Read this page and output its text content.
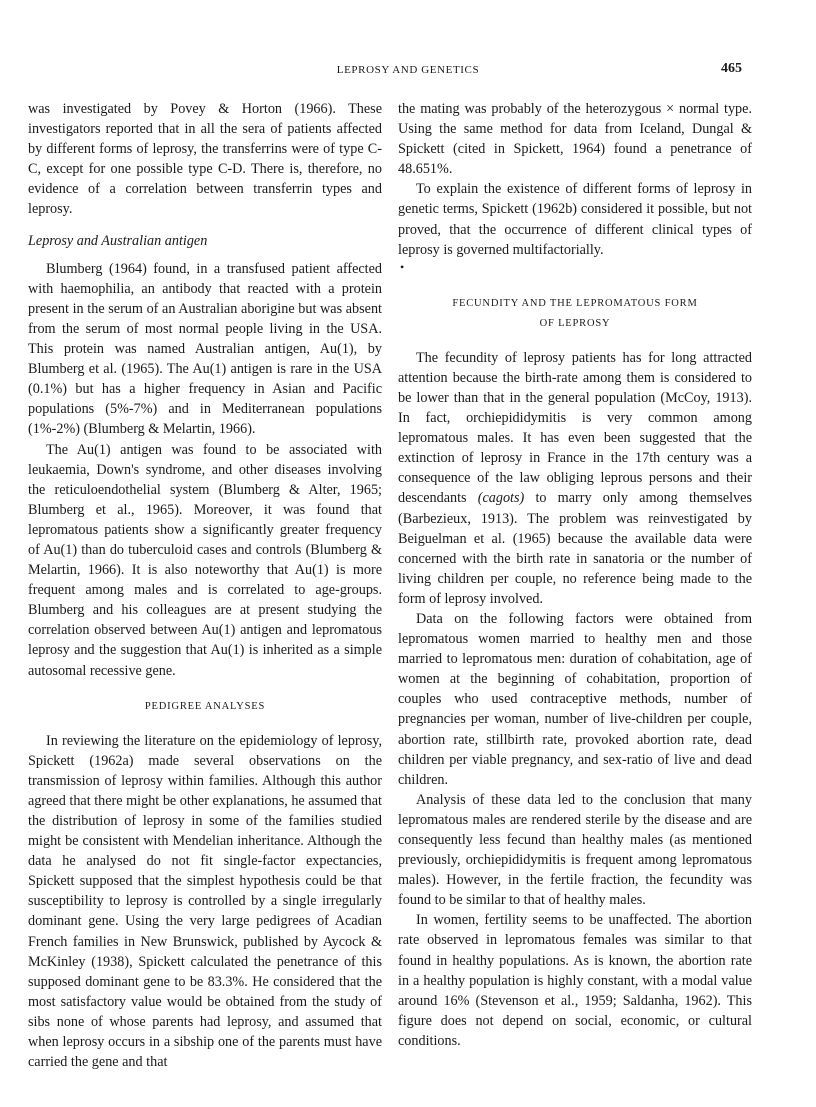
LEPROSY AND GENETICS	465

was investigated by Povey & Horton (1966). These investigators reported that in all the sera of patients affected by different forms of leprosy, the transferrins were of type C-C, except for one possible type C-D. There is, therefore, no evidence of a correlation between transferrin types and leprosy.

Leprosy and Australian antigen

Blumberg (1964) found, in a transfused patient affected with haemophilia, an antibody that reacted with a protein present in the serum of an Australian aborigine but was absent from the serum of most normal people living in the USA. This protein was named Australian antigen, Au(1), by Blumberg et al. (1965). The Au(1) antigen is rare in the USA (0.1%) but has a higher frequency in Asian and Pacific populations (5%-7%) and in Mediterranean populations (1%-2%) (Blumberg & Melartin, 1966).

The Au(1) antigen was found to be associated with leukaemia, Down's syndrome, and other diseases involving the reticuloendothelial system (Blumberg & Alter, 1965; Blumberg et al., 1965). Moreover, it was found that lepromatous patients show a significantly greater frequency of Au(1) than do tuberculoid cases and controls (Blumberg & Melartin, 1966). It is also noteworthy that Au(1) is more frequent among males and is correlated to age-groups. Blumberg and his colleagues are at present studying the correlation observed between Au(1) antigen and lepromatous leprosy and the suggestion that Au(1) is inherited as a simple autosomal recessive gene.

PEDIGREE ANALYSES

In reviewing the literature on the epidemiology of leprosy, Spickett (1962a) made several observations on the transmission of leprosy within families. Although this author agreed that there might be other explanations, he assumed that the distribution of leprosy in some of the families studied might be consistent with Mendelian inheritance. Although the data he analysed do not fit single-factor expectancies, Spickett supposed that the simplest hypothesis could be that susceptibility to leprosy is controlled by a single irregularly dominant gene. Using the very large pedigrees of Acadian French families in New Brunswick, published by Aycock & McKinley (1938), Spickett calculated the penetrance of this supposed dominant gene to be 83.3%. He considered that the most satisfactory value would be obtained from the study of sibs none of whose parents had leprosy, and assumed that when leprosy occurs in a sibship one of the parents must have carried the gene and that

the mating was probably of the heterozygous × normal type. Using the same method for data from Iceland, Dungal & Spickett (cited in Spickett, 1964) found a penetrance of 48.651%.

To explain the existence of different forms of leprosy in genetic terms, Spickett (1962b) considered it possible, but not proved, that the occurrence of different clinical types of leprosy is governed multifactorially.

•
FECUNDITY AND THE LEPROMATOUS FORM
OF LEPROSY

The fecundity of leprosy patients has for long attracted attention because the birth-rate among them is considered to be lower than that in the general population (McCoy, 1913). In fact, orchiepididymitis is very common among lepromatous males. It has even been suggested that the extinction of leprosy in France in the 17th century was a consequence of the law obliging leprous persons and their descendants (cagots) to marry only among themselves (Barbezieux, 1913). The problem was reinvestigated by Beiguelman et al. (1965) because the available data were concerned with the birth rate in sanatoria or the number of living children per couple, no reference being made to the form of leprosy involved.

Data on the following factors were obtained from lepromatous women married to healthy men and those married to lepromatous men: duration of cohabitation, age of women at the beginning of cohabitation, proportion of couples who used contraceptive methods, number of pregnancies per woman, number of live-children per couple, abortion rate, stillbirth rate, provoked abortion rate, dead children per viable pregnancy, and sex-ratio of live and dead children.

Analysis of these data led to the conclusion that many lepromatous males are rendered sterile by the disease and are consequently less fecund than healthy males (as mentioned previously, orchiepididymitis is frequent among lepromatous males). However, in the fertile fraction, the fecundity was found to be similar to that of healthy males.

In women, fertility seems to be unaffected. The abortion rate observed in lepromatous females was similar to that found in healthy populations. As is known, the abortion rate in a healthy population is highly constant, with a modal value around 16% (Stevenson et al., 1959; Saldanha, 1962). This figure does not depend on social, economic, or cultural conditions.
